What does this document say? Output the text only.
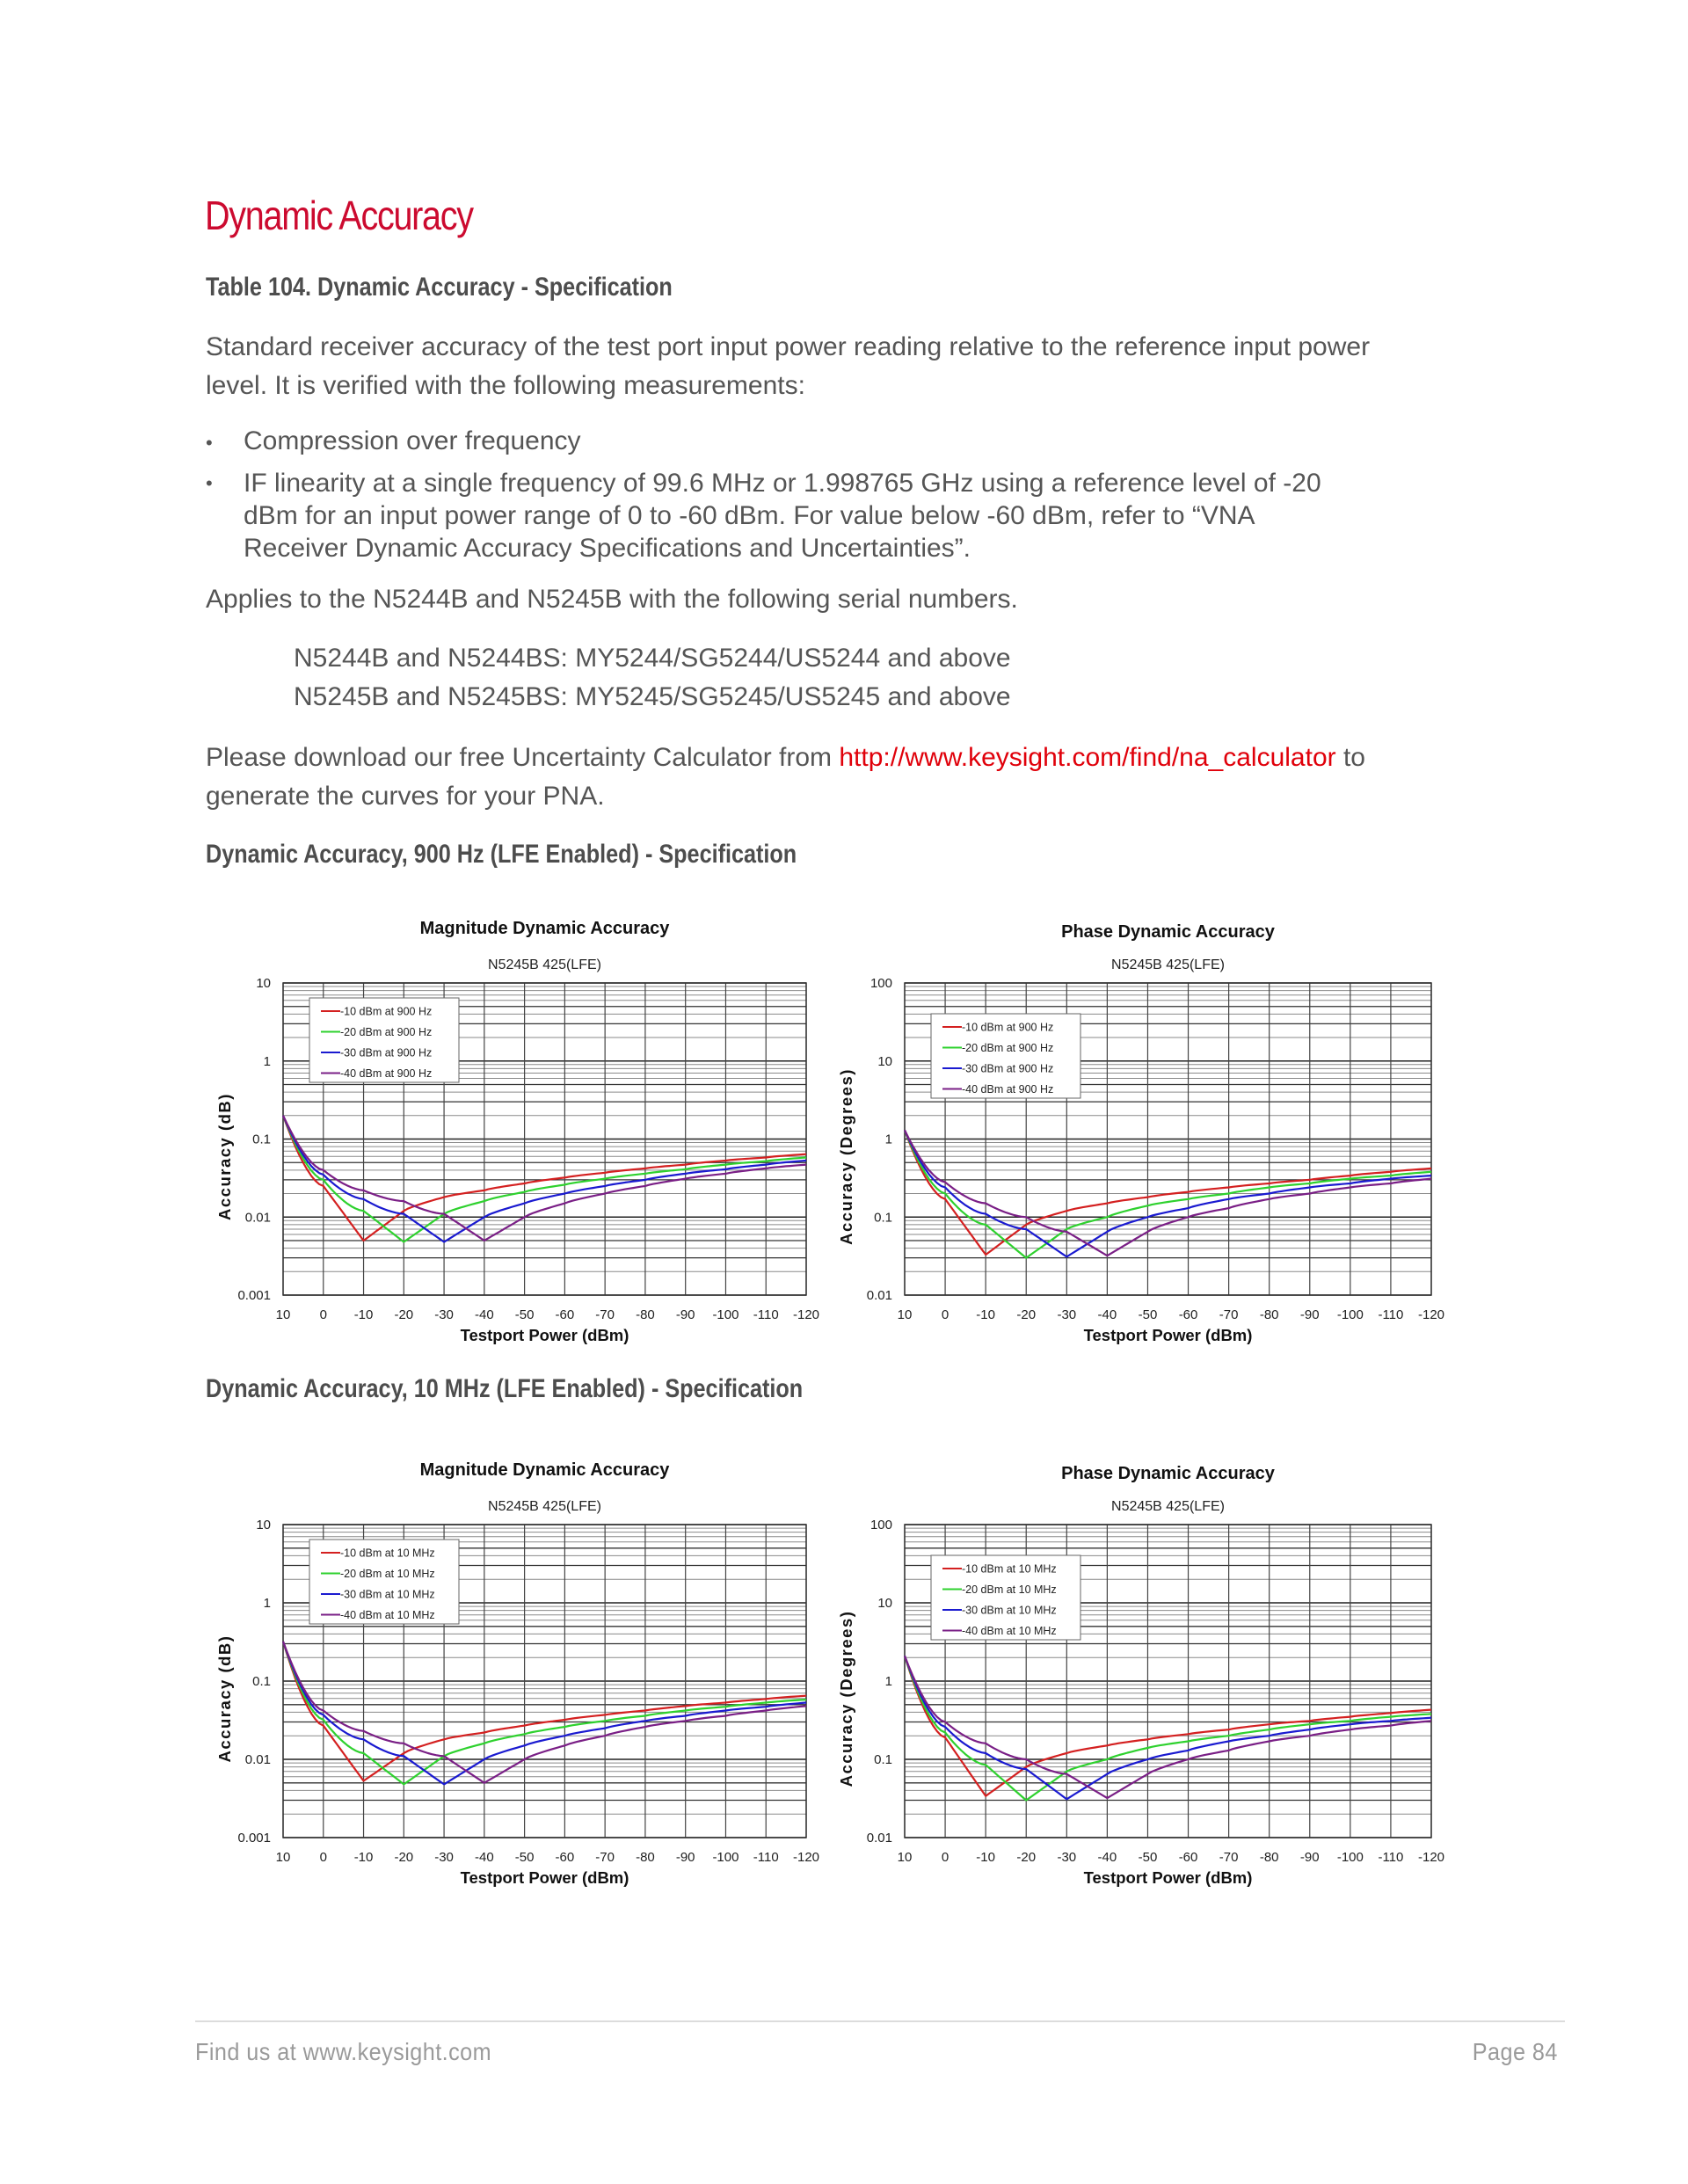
Dynamic Accuracy
Table 104. Dynamic Accuracy - Specification
Standard receiver accuracy of the test port input power reading relative to the reference input power
level. It is verified with the following measurements:
• Compression over frequency
• IF linearity at a single frequency of 99.6 MHz or 1.998765 GHz using a reference level of -20
dBm for an input power range of 0 to -60 dBm. For value below -60 dBm, refer to “VNA
Receiver Dynamic Accuracy Specifications and Uncertainties”.
Applies to the N5244B and N5245B with the following serial numbers.
N5244B and N5244BS: MY5244/SG5244/US5244 and above
N5245B and N5245BS: MY5245/SG5245/US5245 and above
Please download our free Uncertainty Calculator from http://www.keysight.com/find/na_calculator to
generate the curves for your PNA.
Dynamic Accuracy, 900 Hz (LFE Enabled) - Specification
Dynamic Accuracy, 10 MHz (LFE Enabled) - Specification
-10 dBm at 900 Hz
-20 dBm at 900 Hz
-30 dBm at 900 Hz
-40 dBm at 900 Hz
0.001
0.01
0.1
1
10
10 0 -10 -20 -30 -40 -50 -60 -70 -80 -90 -100 -110 -120
Testport Power (dBm)
Accuracy (dB)
Magnitude Dynamic Accuracy
N5245B 425(LFE)
-10 dBm at 900 Hz
-20 dBm at 900 Hz
-30 dBm at 900 Hz
-40 dBm at 900 Hz
0.01
0.1
1
10
100
10 0 -10 -20 -30 -40 -50 -60 -70 -80 -90 -100 -110 -120
Testport Power (dBm)
Accuracy (Degrees)
Phase Dynamic Accuracy
N5245B 425(LFE)
-10 dBm at 10 MHz
-20 dBm at 10 MHz
-30 dBm at 10 MHz
-40 dBm at 10 MHz
0.001
0.01
0.1
1
10
10 0 -10 -20 -30 -40 -50 -60 -70 -80 -90 -100 -110 -120
Testport Power (dBm)
Accuracy (dB)
Magnitude Dynamic Accuracy
N5245B 425(LFE)
-10 dBm at 10 MHz
-20 dBm at 10 MHz
-30 dBm at 10 MHz
-40 dBm at 10 MHz
0.01
0.1
1
10
100
10 0 -10 -20 -30 -40 -50 -60 -70 -80 -90 -100 -110 -120
Testport Power (dBm)
Accuracy (Degrees)
Phase Dynamic Accuracy
N5245B 425(LFE)
Find us at www.keysight.com	Page 84
